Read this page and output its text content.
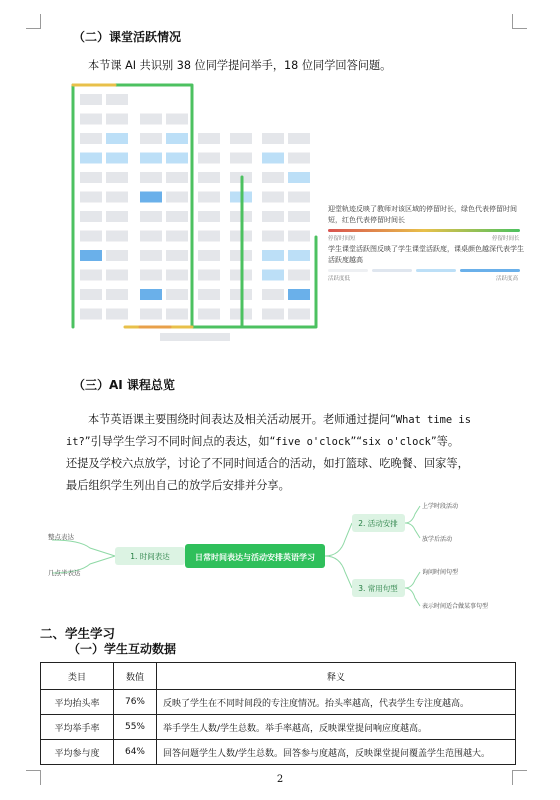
（二）课堂活跃情况
本节课 AI 共识别 38 位同学提问举手，18 位同学回答问题。
迎堂轨迹反映了教师对该区域的停留时长，绿色代表停留时间短，红色代表停留时间长
停留时间短	停留时间长
学生课堂活跃图反映了学生课堂活跃度，课桌颜色越深代表学生活跃度越高
活跃度低	活跃度高
（三）AI 课程总览
本节英语课主要围绕时间表达及相关活动展开。老师通过提问“What time is
it?”引导学生学习不同时间点的表达，如“five o'clock”“six o'clock”等。
还提及学校六点放学，讨论了不同时间适合的活动，如打篮球、吃晚餐、回家等，
最后组织学生列出自己的放学后安排并分享。
1. 时间表达
整点表达
几点半表达
日常时间表达与活动安排英语学习
2. 活动安排
上学时段活动
放学后活动
3. 常用句型
询问时间句型
表示时间适合做某事句型
二、学生学习
（一）学生互动数据
类目	数值	释义
平均抬头率	76%	反映了学生在不同时间段的专注度情况。抬头率越高，代表学生专注度越高。
平均举手率	55%	举手学生人数/学生总数。举手率越高，反映课堂提问响应度越高。
平均参与度	64%	回答问题学生人数/学生总数。回答参与度越高，反映课堂提问覆盖学生范围越大。
2
